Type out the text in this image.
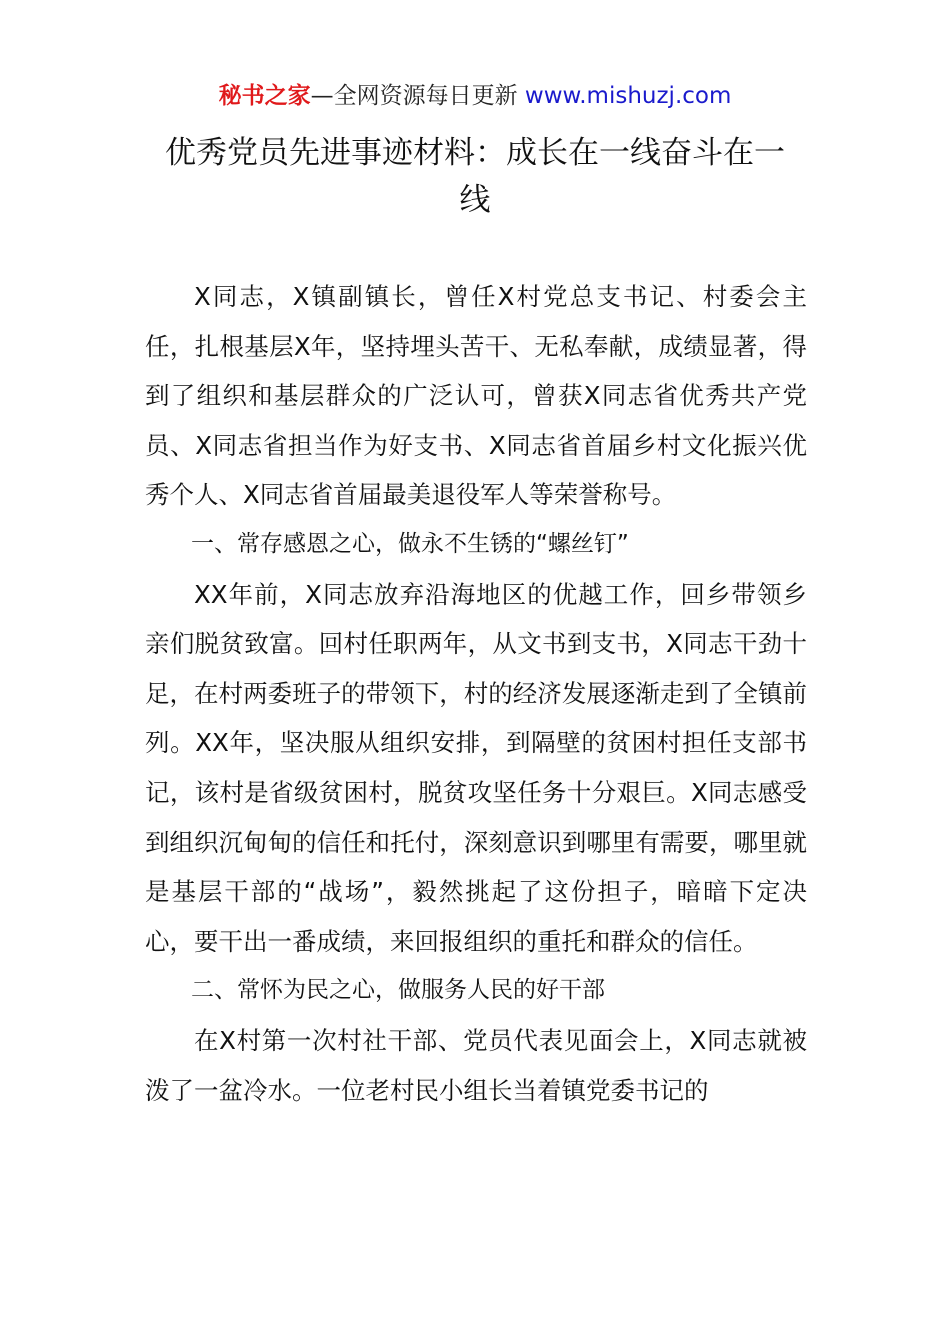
秘书之家—全网资源每日更新 www.mishuzj.com
优秀党员先进事迹材料：成长在一线奋斗在一线

X同志，X镇副镇长，曾任X村党总支书记、村委会主任，扎根基层X年，坚持埋头苦干、无私奉献，成绩显著，得到了组织和基层群众的广泛认可，曾获X同志省优秀共产党员、X同志省担当作为好支书、X同志省首届乡村文化振兴优秀个人、X同志省首届最美退役军人等荣誉称号。

一、常存感恩之心，做永不生锈的“螺丝钉”

XX年前，X同志放弃沿海地区的优越工作，回乡带领乡亲们脱贫致富。回村任职两年，从文书到支书，X同志干劲十足，在村两委班子的带领下，村的经济发展逐渐走到了全镇前列。XX年，坚决服从组织安排，到隔壁的贫困村担任支部书记，该村是省级贫困村，脱贫攻坚任务十分艰巨。X同志感受到组织沉甸甸的信任和托付，深刻意识到哪里有需要，哪里就是基层干部的“战场”，毅然挑起了这份担子，暗暗下定决心，要干出一番成绩，来回报组织的重托和群众的信任。

二、常怀为民之心，做服务人民的好干部

在X村第一次村社干部、党员代表见面会上，X同志就被泼了一盆冷水。一位老村民小组长当着镇党委书记的
